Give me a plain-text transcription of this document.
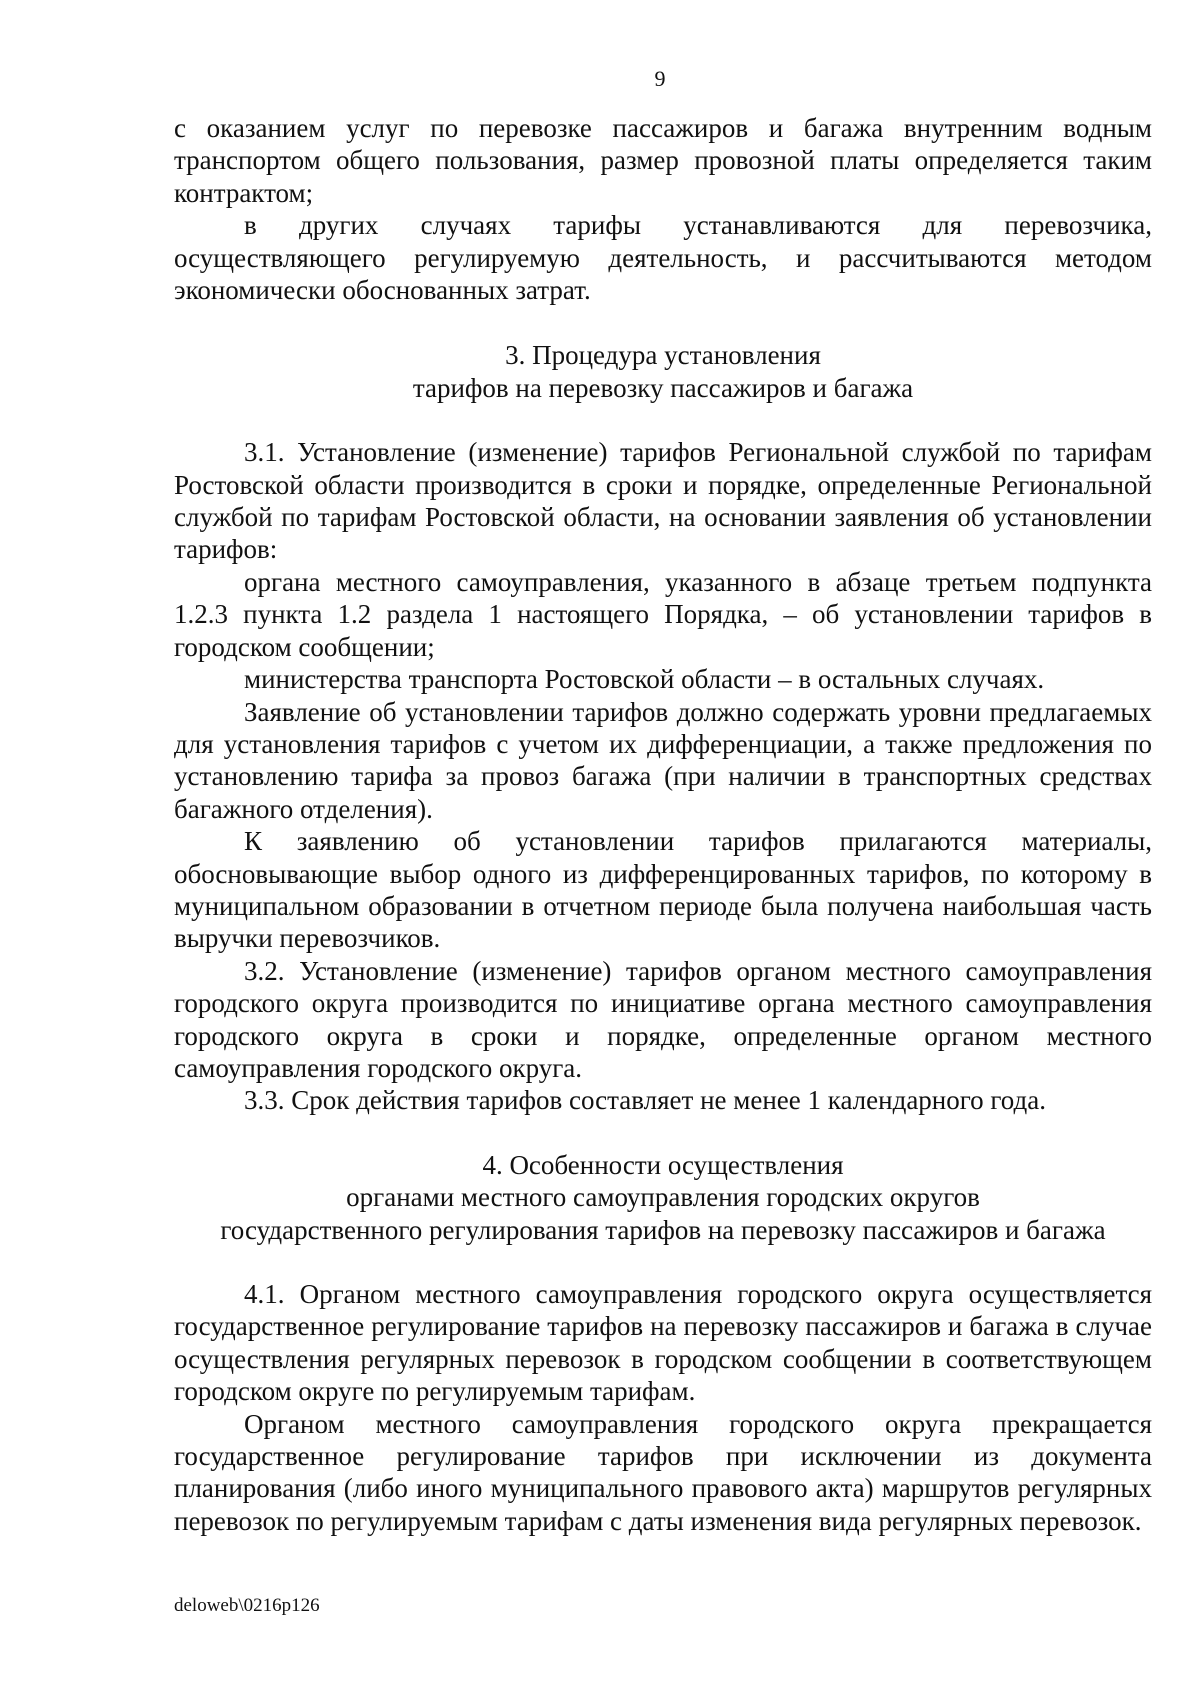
9

с оказанием услуг по перевозке пассажиров и багажа внутренним водным транспортом общего пользования, размер провозной платы определяется таким контрактом;

в других случаях тарифы устанавливаются для перевозчика, осуществляющего регулируемую деятельность, и рассчитываются методом экономически обоснованных затрат.

3. Процедура установления

тарифов на перевозку пассажиров и багажа

3.1. Установление (изменение) тарифов Региональной службой по тарифам Ростовской области производится в сроки и порядке, определенные Региональной службой по тарифам Ростовской области, на основании заявления об установлении тарифов:

органа местного самоуправления, указанного в абзаце третьем подпункта 1.2.3 пункта 1.2 раздела 1 настоящего Порядка, – об установлении тарифов в городском сообщении;

министерства транспорта Ростовской области – в остальных случаях.

Заявление об установлении тарифов должно содержать уровни предлагаемых для установления тарифов с учетом их дифференциации, а также предложения по установлению тарифа за провоз багажа (при наличии в транспортных средствах багажного отделения).

К заявлению об установлении тарифов прилагаются материалы, обосновывающие выбор одного из дифференцированных тарифов, по которому в муниципальном образовании в отчетном периоде была получена наибольшая часть выручки перевозчиков.

3.2. Установление (изменение) тарифов органом местного самоуправления городского округа производится по инициативе органа местного самоуправления городского округа в сроки и порядке, определенные органом местного самоуправления городского округа.

3.3. Срок действия тарифов составляет не менее 1 календарного года.

4. Особенности осуществления

органами местного самоуправления городских округов

государственного регулирования тарифов на перевозку пассажиров и багажа

4.1. Органом местного самоуправления городского округа осуществляется государственное регулирование тарифов на перевозку пассажиров и багажа в случае осуществления регулярных перевозок в городском сообщении в соответствующем городском округе по регулируемым тарифам.

Органом местного самоуправления городского округа прекращается государственное регулирование тарифов при исключении из документа планирования (либо иного муниципального правового акта) маршрутов регулярных перевозок по регулируемым тарифам с даты изменения вида регулярных перевозок.

deloweb\0216p126
